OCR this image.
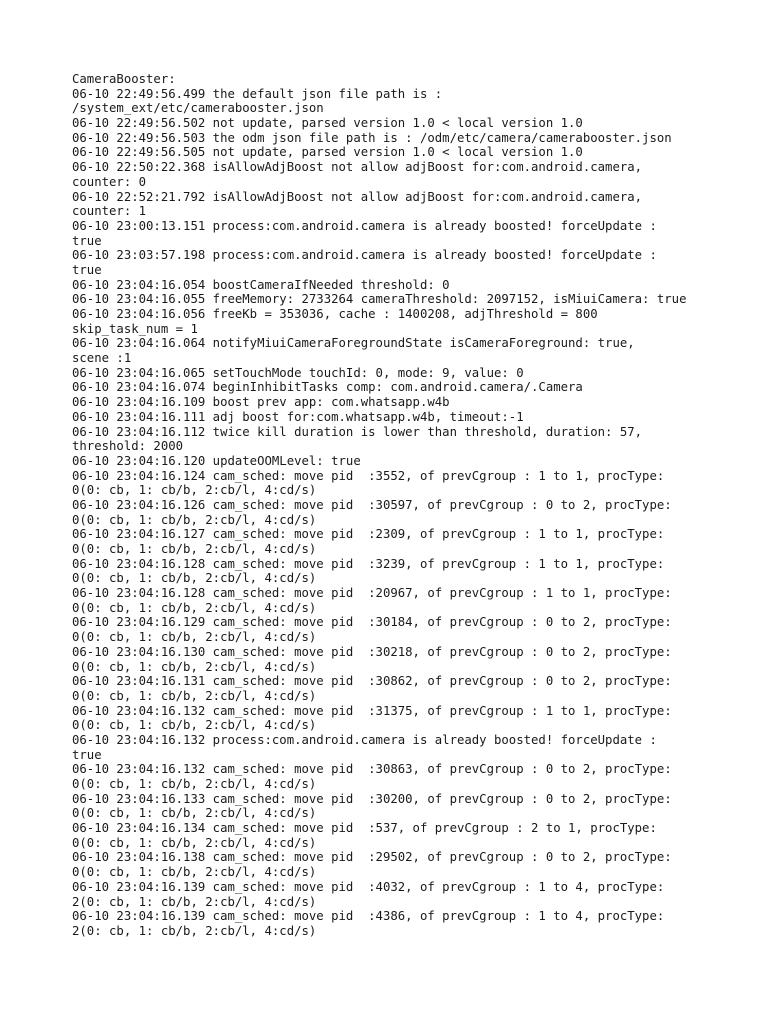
CameraBooster:
06-10 22:49:56.499 the default json file path is :
/system_ext/etc/camerabooster.json
06-10 22:49:56.502 not update, parsed version 1.0 < local version 1.0
06-10 22:49:56.503 the odm json file path is : /odm/etc/camera/camerabooster.json
06-10 22:49:56.505 not update, parsed version 1.0 < local version 1.0
06-10 22:50:22.368 isAllowAdjBoost not allow adjBoost for:com.android.camera,
counter: 0
06-10 22:52:21.792 isAllowAdjBoost not allow adjBoost for:com.android.camera,
counter: 1
06-10 23:00:13.151 process:com.android.camera is already boosted! forceUpdate :
true
06-10 23:03:57.198 process:com.android.camera is already boosted! forceUpdate :
true
06-10 23:04:16.054 boostCameraIfNeeded threshold: 0
06-10 23:04:16.055 freeMemory: 2733264 cameraThreshold: 2097152, isMiuiCamera: true
06-10 23:04:16.056 freeKb = 353036, cache : 1400208, adjThreshold = 800
skip_task_num = 1
06-10 23:04:16.064 notifyMiuiCameraForegroundState isCameraForeground: true,
scene :1
06-10 23:04:16.065 setTouchMode touchId: 0, mode: 9, value: 0
06-10 23:04:16.074 beginInhibitTasks comp: com.android.camera/.Camera
06-10 23:04:16.109 boost prev app: com.whatsapp.w4b
06-10 23:04:16.111 adj boost for:com.whatsapp.w4b, timeout:-1
06-10 23:04:16.112 twice kill duration is lower than threshold, duration: 57,
threshold: 2000
06-10 23:04:16.120 updateOOMLevel: true
06-10 23:04:16.124 cam_sched: move pid  :3552, of prevCgroup : 1 to 1, procType:
0(0: cb, 1: cb/b, 2:cb/l, 4:cd/s)
06-10 23:04:16.126 cam_sched: move pid  :30597, of prevCgroup : 0 to 2, procType:
0(0: cb, 1: cb/b, 2:cb/l, 4:cd/s)
06-10 23:04:16.127 cam_sched: move pid  :2309, of prevCgroup : 1 to 1, procType:
0(0: cb, 1: cb/b, 2:cb/l, 4:cd/s)
06-10 23:04:16.128 cam_sched: move pid  :3239, of prevCgroup : 1 to 1, procType:
0(0: cb, 1: cb/b, 2:cb/l, 4:cd/s)
06-10 23:04:16.128 cam_sched: move pid  :20967, of prevCgroup : 1 to 1, procType:
0(0: cb, 1: cb/b, 2:cb/l, 4:cd/s)
06-10 23:04:16.129 cam_sched: move pid  :30184, of prevCgroup : 0 to 2, procType:
0(0: cb, 1: cb/b, 2:cb/l, 4:cd/s)
06-10 23:04:16.130 cam_sched: move pid  :30218, of prevCgroup : 0 to 2, procType:
0(0: cb, 1: cb/b, 2:cb/l, 4:cd/s)
06-10 23:04:16.131 cam_sched: move pid  :30862, of prevCgroup : 0 to 2, procType:
0(0: cb, 1: cb/b, 2:cb/l, 4:cd/s)
06-10 23:04:16.132 cam_sched: move pid  :31375, of prevCgroup : 1 to 1, procType:
0(0: cb, 1: cb/b, 2:cb/l, 4:cd/s)
06-10 23:04:16.132 process:com.android.camera is already boosted! forceUpdate :
true
06-10 23:04:16.132 cam_sched: move pid  :30863, of prevCgroup : 0 to 2, procType:
0(0: cb, 1: cb/b, 2:cb/l, 4:cd/s)
06-10 23:04:16.133 cam_sched: move pid  :30200, of prevCgroup : 0 to 2, procType:
0(0: cb, 1: cb/b, 2:cb/l, 4:cd/s)
06-10 23:04:16.134 cam_sched: move pid  :537, of prevCgroup : 2 to 1, procType:
0(0: cb, 1: cb/b, 2:cb/l, 4:cd/s)
06-10 23:04:16.138 cam_sched: move pid  :29502, of prevCgroup : 0 to 2, procType:
0(0: cb, 1: cb/b, 2:cb/l, 4:cd/s)
06-10 23:04:16.139 cam_sched: move pid  :4032, of prevCgroup : 1 to 4, procType:
2(0: cb, 1: cb/b, 2:cb/l, 4:cd/s)
06-10 23:04:16.139 cam_sched: move pid  :4386, of prevCgroup : 1 to 4, procType:
2(0: cb, 1: cb/b, 2:cb/l, 4:cd/s)
